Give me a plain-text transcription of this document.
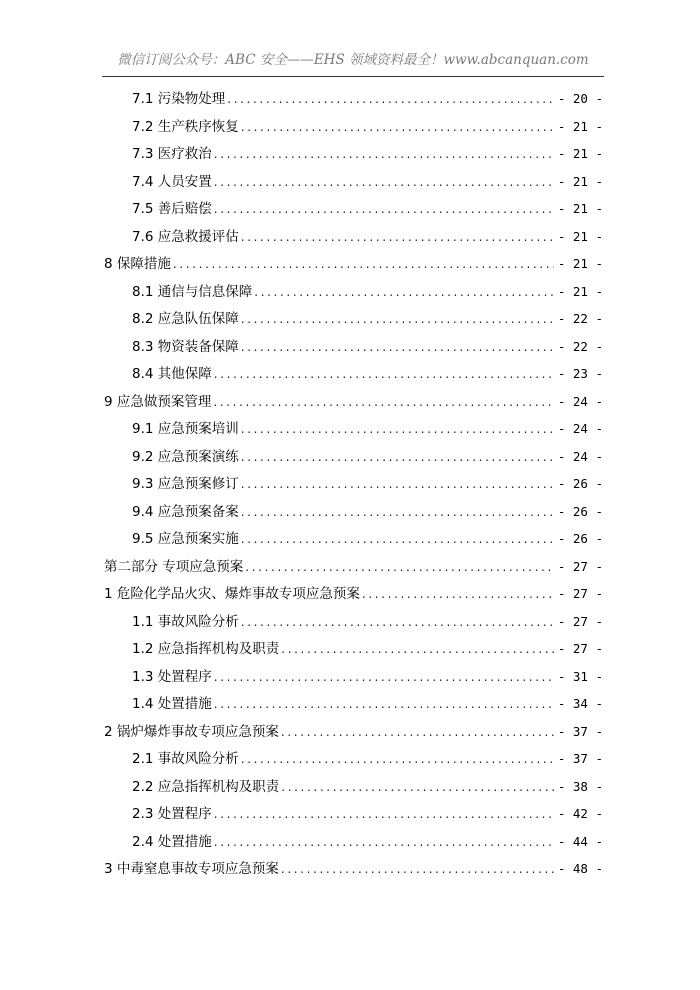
微信订阅公众号：ABC 安全——EHS 领域资料最全！www.abcanquan.com
7.1 污染物处理 . . .	- 20 -
7.2 生产秩序恢复 . . .	- 21 -
7.3 医疗救治 . . .	- 21 -
7.4 人员安置 . . .	- 21 -
7.5 善后赔偿 . . .	- 21 -
7.6 应急救援评估 . . .	- 21 -
8 保障措施 . . .	- 21 -
8.1 通信与信息保障 . . .	- 21 -
8.2 应急队伍保障 . . .	- 22 -
8.3 物资装备保障 . . .	- 22 -
8.4 其他保障 . . .	- 23 -
9 应急做预案管理 . . .	- 24 -
9.1 应急预案培训 . . .	- 24 -
9.2 应急预案演练 . . .	- 24 -
9.3 应急预案修订 . . .	- 26 -
9.4 应急预案备案 . . .	- 26 -
9.5 应急预案实施 . . .	- 26 -
第二部分 专项应急预案 . . .	- 27 -
1 危险化学品火灾、爆炸事故专项应急预案 . . .	- 27 -
1.1 事故风险分析 . . .	- 27 -
1.2 应急指挥机构及职责 . . .	- 27 -
1.3 处置程序 . . .	- 31 -
1.4 处置措施 . . .	- 34 -
2 锅炉爆炸事故专项应急预案 . . .	- 37 -
2.1 事故风险分析 . . .	- 37 -
2.2 应急指挥机构及职责 . . .	- 38 -
2.3 处置程序 . . .	- 42 -
2.4 处置措施 . . .	- 44 -
3 中毒窒息事故专项应急预案 . . .	- 48 -
